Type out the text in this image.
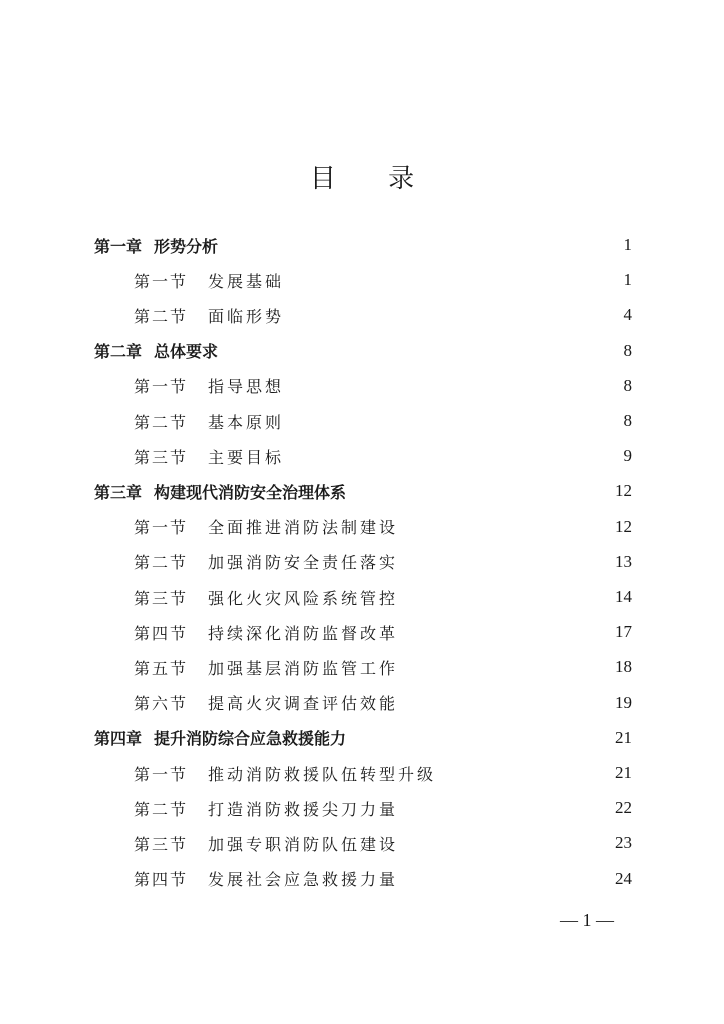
目 录
第一章 形势分析	1
第一节	发展基础	1
第二节	面临形势	4
第二章 总体要求	8
第一节	指导思想	8
第二节	基本原则	8
第三节	主要目标	9
第三章 构建现代消防安全治理体系	12
第一节	全面推进消防法制建设	12
第二节	加强消防安全责任落实	13
第三节	强化火灾风险系统管控	14
第四节	持续深化消防监督改革	17
第五节	加强基层消防监管工作	18
第六节	提高火灾调查评估效能	19
第四章 提升消防综合应急救援能力	21
第一节	推动消防救援队伍转型升级	21
第二节	打造消防救援尖刀力量	22
第三节	加强专职消防队伍建设	23
第四节	发展社会应急救援力量	24
— 1 —
